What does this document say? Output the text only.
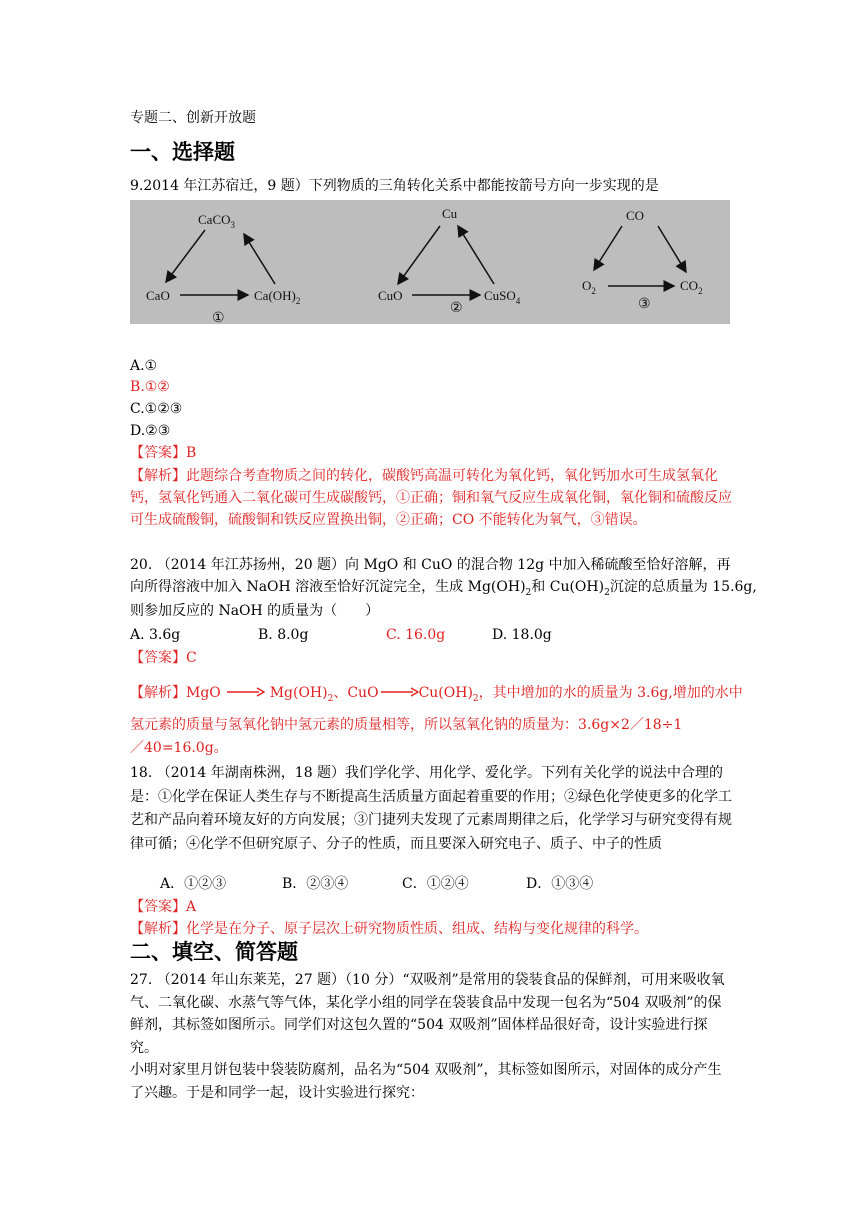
专题二、创新开放题
一、选择题
9.2014 年江苏宿迁，9 题）下列物质的三角转化关系中都能按箭号方向一步实现的是
CaCO$_3$
CaO	$Ca(OH)_2$
①
Cu
CuO	CuSO$_4$
②
CO
$O_2$	$CO_2$
③
A.①
B.①②
C.①②③
D.②③
【答案】B
【解析】此题综合考查物质之间的转化，碳酸钙高温可转化为氧化钙，氧化钙加水可生成氢氧化钙，氢氧化钙通入二氧化碳可生成碳酸钙，①正确；铜和氧气反应生成氧化铜，氧化铜和硫酸反应可生成硫酸铜，硫酸铜和铁反应置换出铜，②正确；CO 不能转化为氧气，③错误。
20. （2014 年江苏扬州，20 题）向 MgO 和 CuO 的混合物 12g 中加入稀硫酸至恰好溶解，再
向所得溶液中加入 NaOH 溶液至恰好沉淀完全，生成 $Mg(OH)_2$和 $Cu(OH)_2$沉淀的总质量为 15.6g,
则参加反应的 NaOH 的质量为（　　）
A. 3.6g	B. 8.0g	C. 16.0g	D. 18.0g
【答案】C
【解析】MgO → $Mg(OH)_2$、$CuO\to Cu(OH)_2$，其中增加的水的质量为 3.6g,增加的水中
氢元素的质量与氢氧化钠中氢元素的质量相等，所以氢氧化钠的质量为：3.6g×2／18÷1
／40=16.0g。
18. （2014 年湖南株洲，18 题）我们学化学、用化学、爱化学。下列有关化学的说法中合理的是：①化学在保证人类生存与不断提高生活质量方面起着重要的作用；②绿色化学使更多的化学工艺和产品向着环境友好的方向发展；③门捷列夫发现了元素周期律之后，化学学习与研究变得有规律可循；④化学不但研究原子、分子的性质，而且要深入研究电子、质子、中子的性质
A．①②③	B．②③④	C．①②④	D．①③④
【答案】A
【解析】化学是在分子、原子层次上研究物质性质、组成、结构与变化规律的科学。
二、填空、简答题
27. （2014 年山东莱芜，27 题）（10 分）“双吸剂”是常用的袋装食品的保鲜剂，可用来吸收氧气、二氧化碳、水蒸气等气体，某化学小组的同学在袋装食品中发现一包名为“504 双吸剂”的保鲜剂，其标签如图所示。同学们对这包久置的“504 双吸剂”固体样品很好奇，设计实验进行探究。
小明对家里月饼包装中袋装防腐剂，品名为“504 双吸剂”，其标签如图所示，对固体的成分产生了兴趣。于是和同学一起，设计实验进行探究：
